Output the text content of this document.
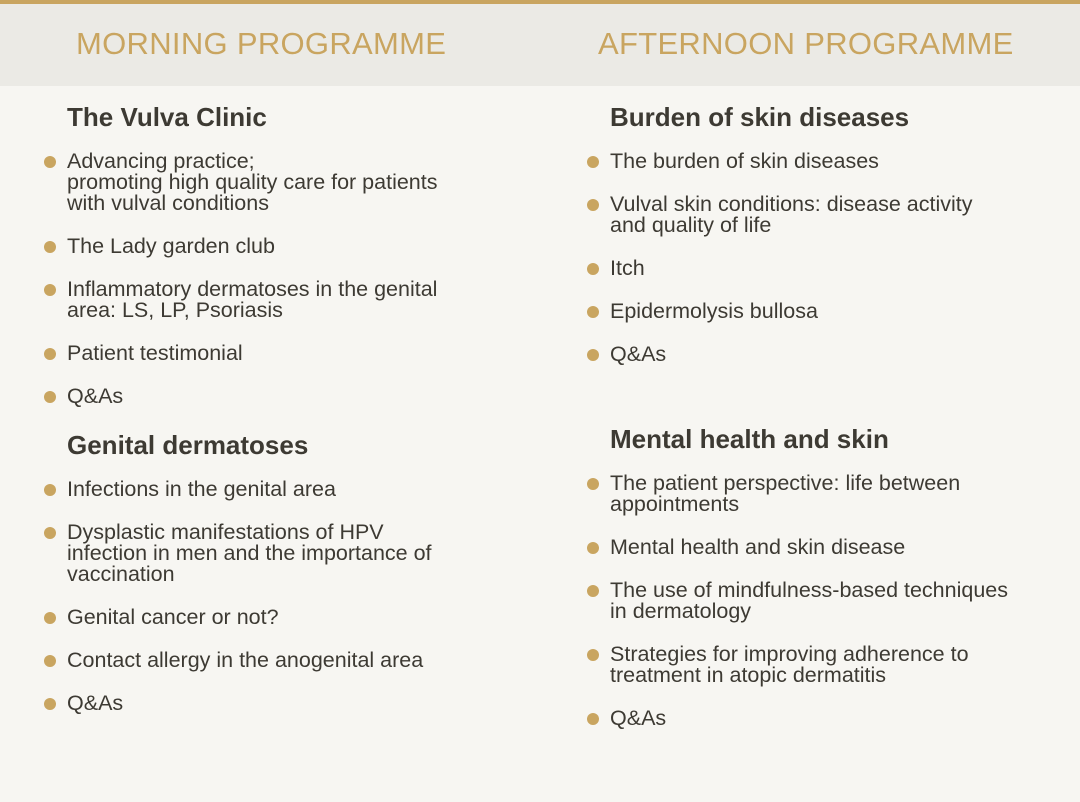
MORNING PROGRAMME	AFTERNOON PROGRAMME
The Vulva Clinic
Advancing practice;
promoting high quality care for patients
with vulval conditions
The Lady garden club
Inflammatory dermatoses in the genital
area: LS, LP, Psoriasis
Patient testimonial
Q&As
Genital dermatoses
Infections in the genital area
Dysplastic manifestations of HPV
infection in men and the importance of
vaccination
Genital cancer or not?
Contact allergy in the anogenital area
Q&As
Burden of skin diseases
The burden of skin diseases
Vulval skin conditions: disease activity
and quality of life
Itch
Epidermolysis bullosa
Q&As
Mental health and skin
The patient perspective: life between
appointments
Mental health and skin disease
The use of mindfulness-based techniques
in dermatology
Strategies for improving adherence to
treatment in atopic dermatitis
Q&As
